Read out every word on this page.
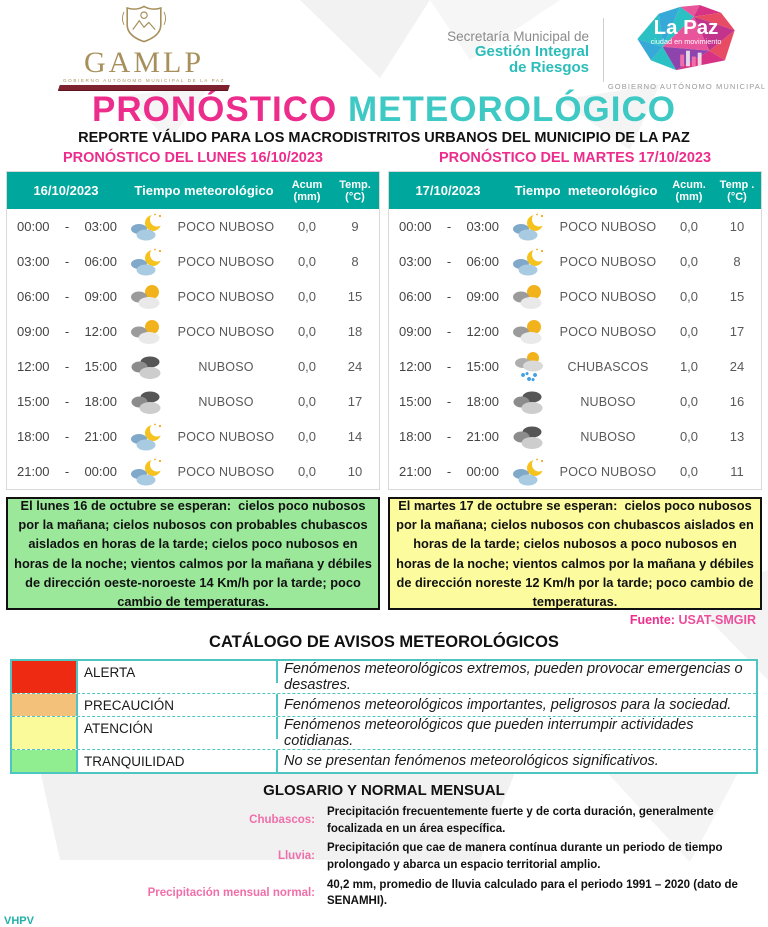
GAMLP
GOBIERNO AUTÓNOMO MUNICIPAL DE LA PAZ
Secretaría Municipal de
Gestión Integral
de Riesgos
La Paz
ciudad en movimiento
GOBIERNO AUTÓNOMO MUNICIPAL
PRONÓSTICO METEOROLÓGICO
REPORTE VÁLIDO PARA LOS MACRODISTRITOS URBANOS DEL MUNICIPIO DE LA PAZ
PRONÓSTICO DEL LUNES 16/10/2023
16/10/2023	Tiempo meteorológico	Acum
(mm)
Temp.
(°C)
00:00 - 03:00	POCO NUBOSO	0,0	9
03:00 - 06:00	POCO NUBOSO	0,0	8
06:00 - 09:00	POCO NUBOSO	0,0	15
09:00 - 12:00	POCO NUBOSO	0,0	18
12:00 - 15:00	NUBOSO	0,0	24
15:00 - 18:00	NUBOSO	0,0	17
18:00 - 21:00	POCO NUBOSO	0,0	14
21:00 - 00:00	POCO NUBOSO	0,0	10

El lunes 16 de octubre se esperan:  cielos poco nubosos por la mañana; cielos nubosos con probables chubascos aislados en horas de la tarde; cielos poco nubosos en horas de la noche; vientos calmos por la mañana y débiles de dirección oeste-noroeste 14 Km/h por la tarde; poco cambio de temperaturas.

PRONÓSTICO DEL MARTES 17/10/2023
17/10/2023	Tiempo  meteorológico	Acum.
(mm)
Temp .
(°C)
00:00 - 03:00	POCO NUBOSO	0,0	10
03:00 - 06:00	POCO NUBOSO	0,0	8
06:00 - 09:00	POCO NUBOSO	0,0	15
09:00 - 12:00	POCO NUBOSO	0,0	17
12:00 - 15:00	CHUBASCOS	1,0	24
15:00 - 18:00	NUBOSO	0,0	16
18:00 - 21:00	NUBOSO	0,0	13
21:00 - 00:00	POCO NUBOSO	0,0	11

El martes 17 de octubre se esperan:  cielos poco nubosos por la mañana; cielos nubosos con chubascos aislados en horas de la tarde; cielos nubosos a poco nubosos en horas de la noche; vientos calmos por la mañana y débiles de dirección noreste 12 Km/h por la tarde; poco cambio de temperaturas.

Fuente: USAT-SMGIR
CATÁLOGO DE AVISOS METEOROLÓGICOS
ALERTA	Fenómenos meteorológicos extremos, pueden provocar emergencias o desastres.
PRECAUCIÓN	Fenómenos meteorológicos importantes, peligrosos para la sociedad.
ATENCIÓN	Fenómenos meteorológicos que pueden interrumpir actividades cotidianas.
TRANQUILIDAD	No se presentan fenómenos meteorológicos significativos.
GLOSARIO Y NORMAL MENSUAL
Chubascos:
Precipitación frecuentemente fuerte y de corta duración, generalmente focalizada en un área específica.
Lluvia:
Precipitación que cae de manera contínua durante un periodo de tiempo prolongado y abarca un espacio territorial amplio.
Precipitación mensual normal:
40,2 mm, promedio de lluvia calculado para el periodo 1991 – 2020 (dato de SENAMHI).
VHPV
